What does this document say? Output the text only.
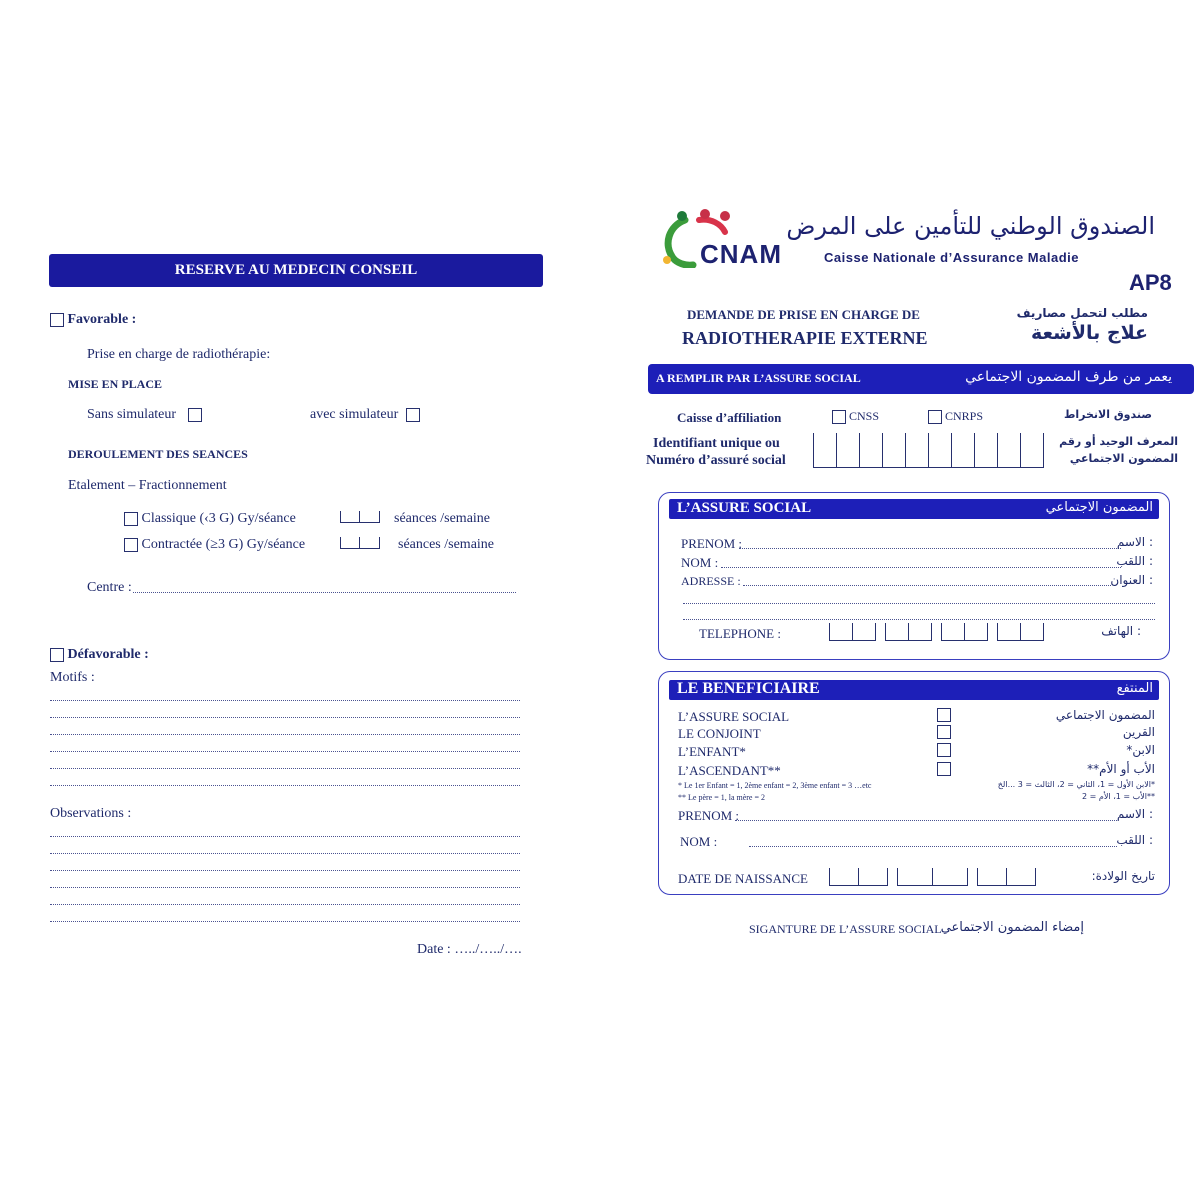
RESERVE AU MEDECIN CONSEIL
Favorable :
Prise en charge de radiothérapie:
MISE EN PLACE
Sans simulateur	avec simulateur
DEROULEMENT DES SEANCES
Etalement – Fractionnement
Classique (‹3 G) Gy/séance	séances /semaine
Contractée (≥3 G) Gy/séance	séances /semaine
Centre :
Défavorable :
Motifs :
Observations :
Date : …../…../….
CNAM
الصندوق الوطني للتأمين على المرض
Caisse Nationale d’Assurance Maladie
AP8
DEMANDE DE PRISE EN CHARGE DE
RADIOTHERAPIE EXTERNE
مطلب لتحمل مصاريف
علاج بالأشعة
A REMPLIR PAR L’ASSURE SOCIAL	يعمر من طرف المضمون الاجتماعي
Caisse d’affiliation	CNSS	CNRPS	صندوق الانخراط
Identifiant unique ou
Numéro d’assuré social
المعرف الوحيد أو رقم
المضمون الاجتماعي
L’ASSURE SOCIAL	المضمون الاجتماعي
PRENOM :	: الاسم
NOM :	: اللقب
ADRESSE :	: العنوان
TELEPHONE :	: الهاتف
LE BENEFICIAIRE	المنتفع
L’ASSURE SOCIAL	المضمون الاجتماعي
LE CONJOINT	القرين
L’ENFANT*	الابن*
L’ASCENDANT**	الأب أو الأم**
* Le 1er Enfant = 1, 2ème enfant = 2, 3ème enfant = 3 …etc
** Le père = 1, la mère = 2
*الابن الأول = 1، الثاني = 2، الثالث = 3 ...الخ
**الأب = 1، الأم = 2
PRENOM :	: الاسم
NOM :	: اللقب
DATE DE NAISSANCE	تاريخ الولادة:
SIGANTURE DE L’ASSURE SOCIAL إمضاء المضمون الاجتماعي
